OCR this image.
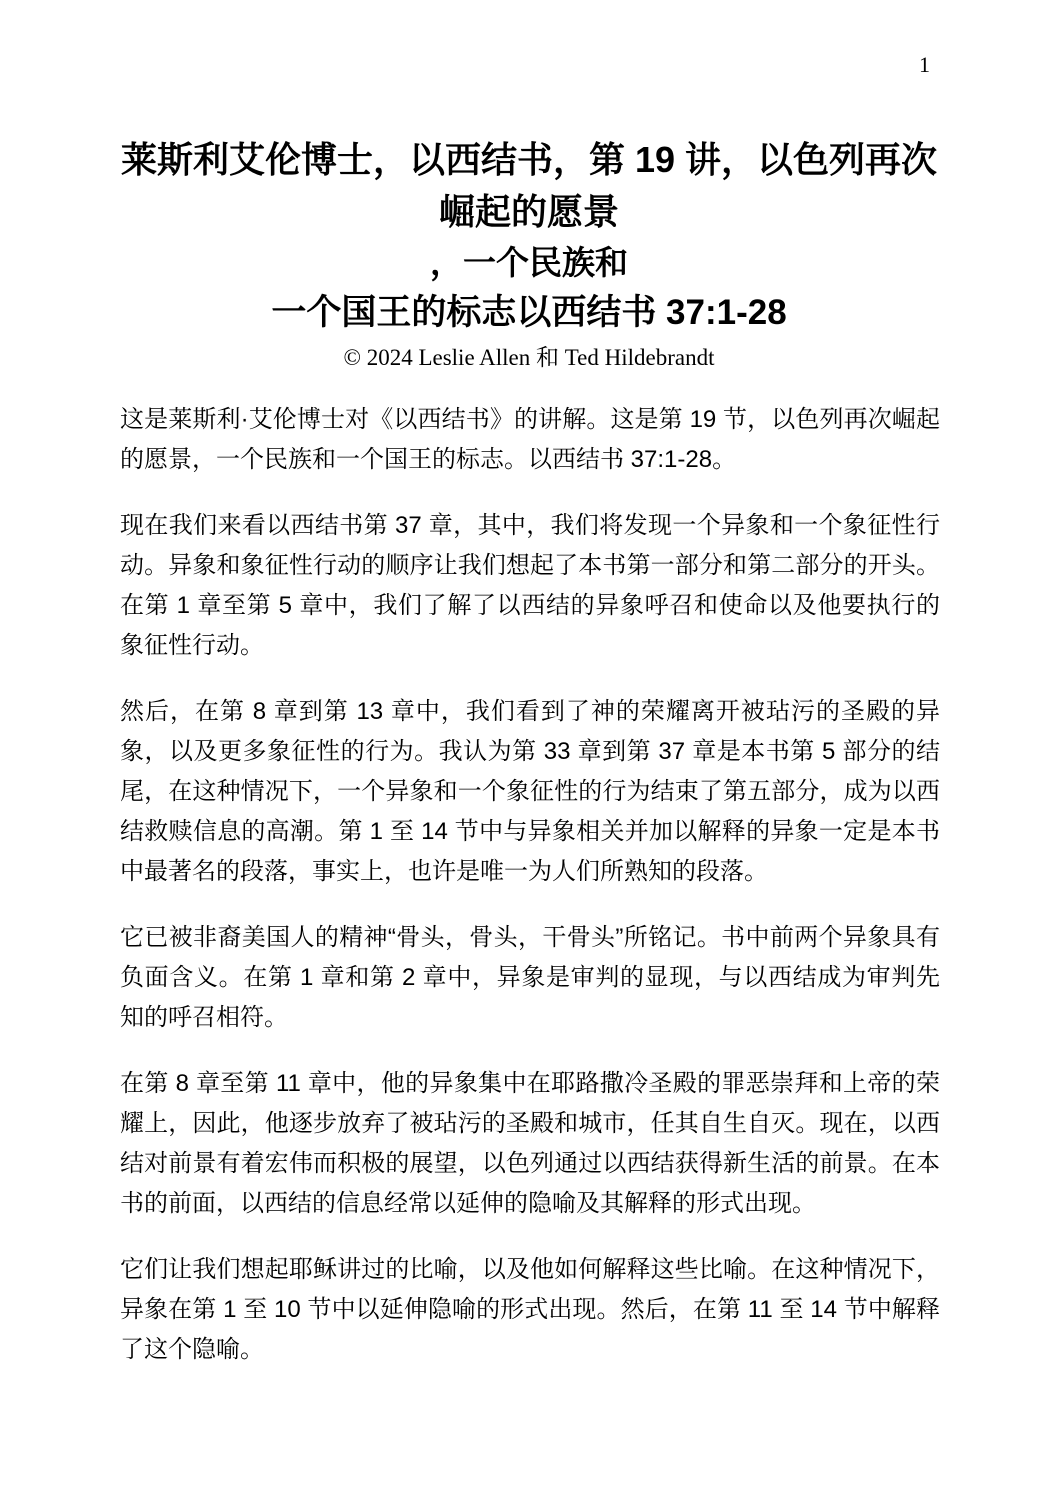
1
莱斯利艾伦博士，以西结书，第 19 讲，以色列再次
崛起的愿景
，一个民族和
一个国王的标志以西结书 37:1-28
© 2024 Leslie Allen 和 Ted Hildebrandt

这是莱斯利·艾伦博士对《以西结书》的讲解。这是第 19 节，以色列再次崛起的愿景，一个民族和一个国王的标志。以西结书 37:1-28。

现在我们来看以西结书第 37 章，其中，我们将发现一个异象和一个象征性行动。异象和象征性行动的顺序让我们想起了本书第一部分和第二部分的开头。在第 1 章至第 5 章中，我们了解了以西结的异象呼召和使命以及他要执行的象征性行动。

然后，在第 8 章到第 13 章中，我们看到了神的荣耀离开被玷污的圣殿的异象，以及更多象征性的行为。我认为第 33 章到第 37 章是本书第 5 部分的结尾，在这种情况下，一个异象和一个象征性的行为结束了第五部分，成为以西结救赎信息的高潮。第 1 至 14 节中与异象相关并加以解释的异象一定是本书中最著名的段落，事实上，也许是唯一为人们所熟知的段落。

它已被非裔美国人的精神“骨头，骨头，干骨头”所铭记。书中前两个异象具有负面含义。在第 1 章和第 2 章中，异象是审判的显现，与以西结成为审判先知的呼召相符。

在第 8 章至第 11 章中，他的异象集中在耶路撒冷圣殿的罪恶崇拜和上帝的荣耀上，因此，他逐步放弃了被玷污的圣殿和城市，任其自生自灭。现在，以西结对前景有着宏伟而积极的展望，以色列通过以西结获得新生活的前景。在本书的前面，以西结的信息经常以延伸的隐喻及其解释的形式出现。

它们让我们想起耶稣讲过的比喻，以及他如何解释这些比喻。在这种情况下，异象在第 1 至 10 节中以延伸隐喻的形式出现。然后，在第 11 至 14 节中解释了这个隐喻。
